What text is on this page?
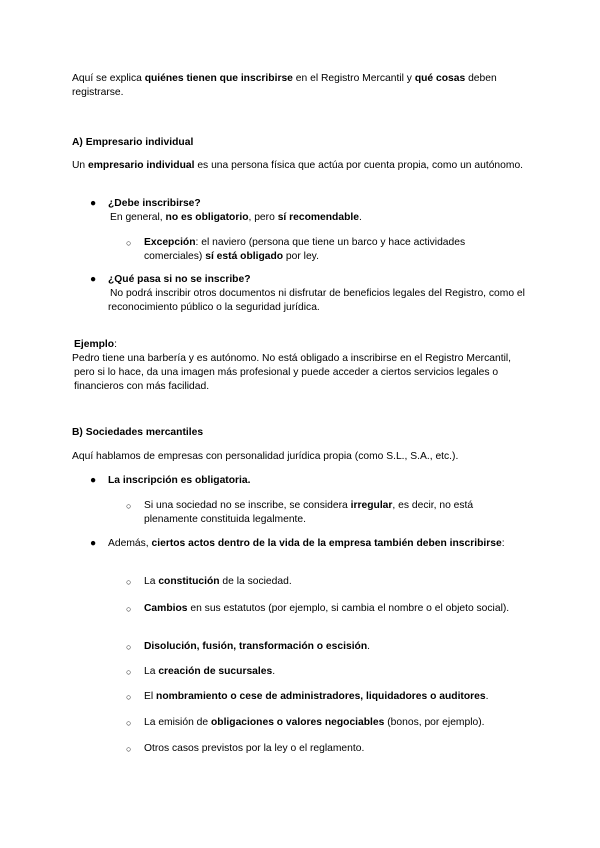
Aquí se explica quiénes tienen que inscribirse en el Registro Mercantil y qué cosas deben registrarse.

A) Empresario individual

Un empresario individual es una persona física que actúa por cuenta propia, como un autónomo.

● ¿Debe inscribirse?
En general, no es obligatorio, pero sí recomendable.
○ Excepción: el naviero (persona que tiene un barco y hace actividades comerciales) sí está obligado por ley.
● ¿Qué pasa si no se inscribe?
No podrá inscribir otros documentos ni disfrutar de beneficios legales del Registro, como el reconocimiento público o la seguridad jurídica.

Ejemplo:
Pedro tiene una barbería y es autónomo. No está obligado a inscribirse en el Registro Mercantil, pero si lo hace, da una imagen más profesional y puede acceder a ciertos servicios legales o financieros con más facilidad.

B) Sociedades mercantiles

Aquí hablamos de empresas con personalidad jurídica propia (como S.L., S.A., etc.).

● La inscripción es obligatoria.
○ Si una sociedad no se inscribe, se considera irregular, es decir, no está plenamente constituida legalmente.
● Además, ciertos actos dentro de la vida de la empresa también deben inscribirse:
○ La constitución de la sociedad.
○ Cambios en sus estatutos (por ejemplo, si cambia el nombre o el objeto social).
○ Disolución, fusión, transformación o escisión.
○ La creación de sucursales.
○ El nombramiento o cese de administradores, liquidadores o auditores.
○ La emisión de obligaciones o valores negociables (bonos, por ejemplo).
○ Otros casos previstos por la ley o el reglamento.
